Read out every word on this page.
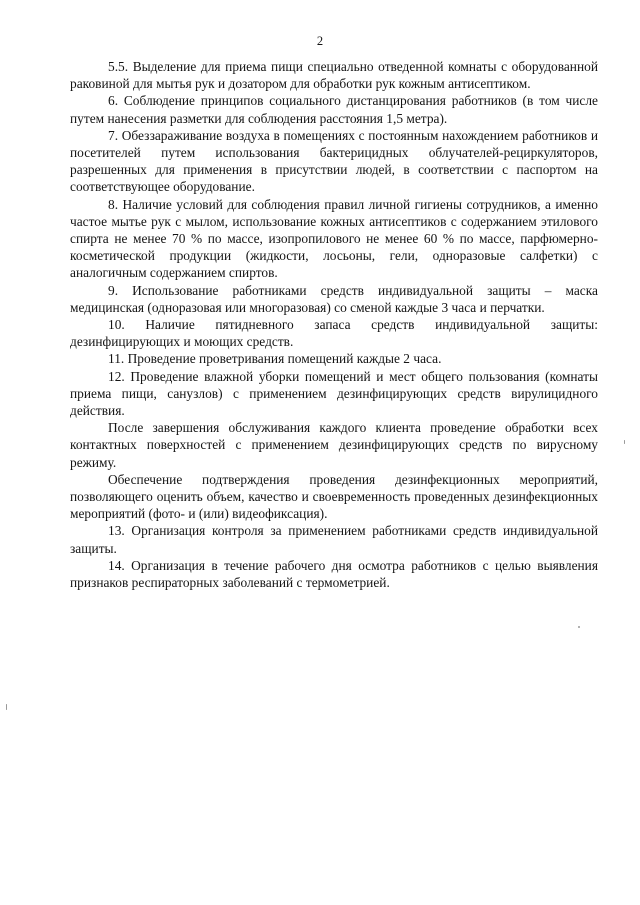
2

5.5. Выделение для приема пищи специально отведенной комнаты с оборудованной раковиной для мытья рук и дозатором для обработки рук кожным антисептиком.

6. Соблюдение принципов социального дистанцирования работников (в том числе путем нанесения разметки для соблюдения расстояния 1,5 метра).

7. Обеззараживание воздуха в помещениях с постоянным нахождением работников и посетителей путем использования бактерицидных облучателей-рециркуляторов, разрешенных для применения в присутствии людей, в соответствии с паспортом на соответствующее оборудование.

8. Наличие условий для соблюдения правил личной гигиены сотрудников, а именно частое мытье рук с мылом, использование кожных антисептиков с содержанием этилового спирта не менее 70 % по массе, изопропилового не менее 60 % по массе, парфюмерно-косметической продукции (жидкости, лосьоны, гели, одноразовые салфетки) с аналогичным содержанием спиртов.

9. Использование работниками средств индивидуальной защиты – маска медицинская (одноразовая или многоразовая) со сменой каждые 3 часа и перчатки.

10. Наличие пятидневного запаса средств индивидуальной защиты: дезинфицирующих и моющих средств.

11. Проведение проветривания помещений каждые 2 часа.

12. Проведение влажной уборки помещений и мест общего пользования (комнаты приема пищи, санузлов) с применением дезинфицирующих средств вирулицидного действия.

После завершения обслуживания каждого клиента проведение обработки всех контактных поверхностей с применением дезинфицирующих средств по вирусному режиму.

Обеспечение подтверждения проведения дезинфекционных мероприятий, позволяющего оценить объем, качество и своевременность проведенных дезинфекционных мероприятий (фото- и (или) видеофиксация).

13. Организация контроля за применением работниками средств индивидуальной защиты.

14. Организация в течение рабочего дня осмотра работников с целью выявления признаков респираторных заболеваний с термометрией.
